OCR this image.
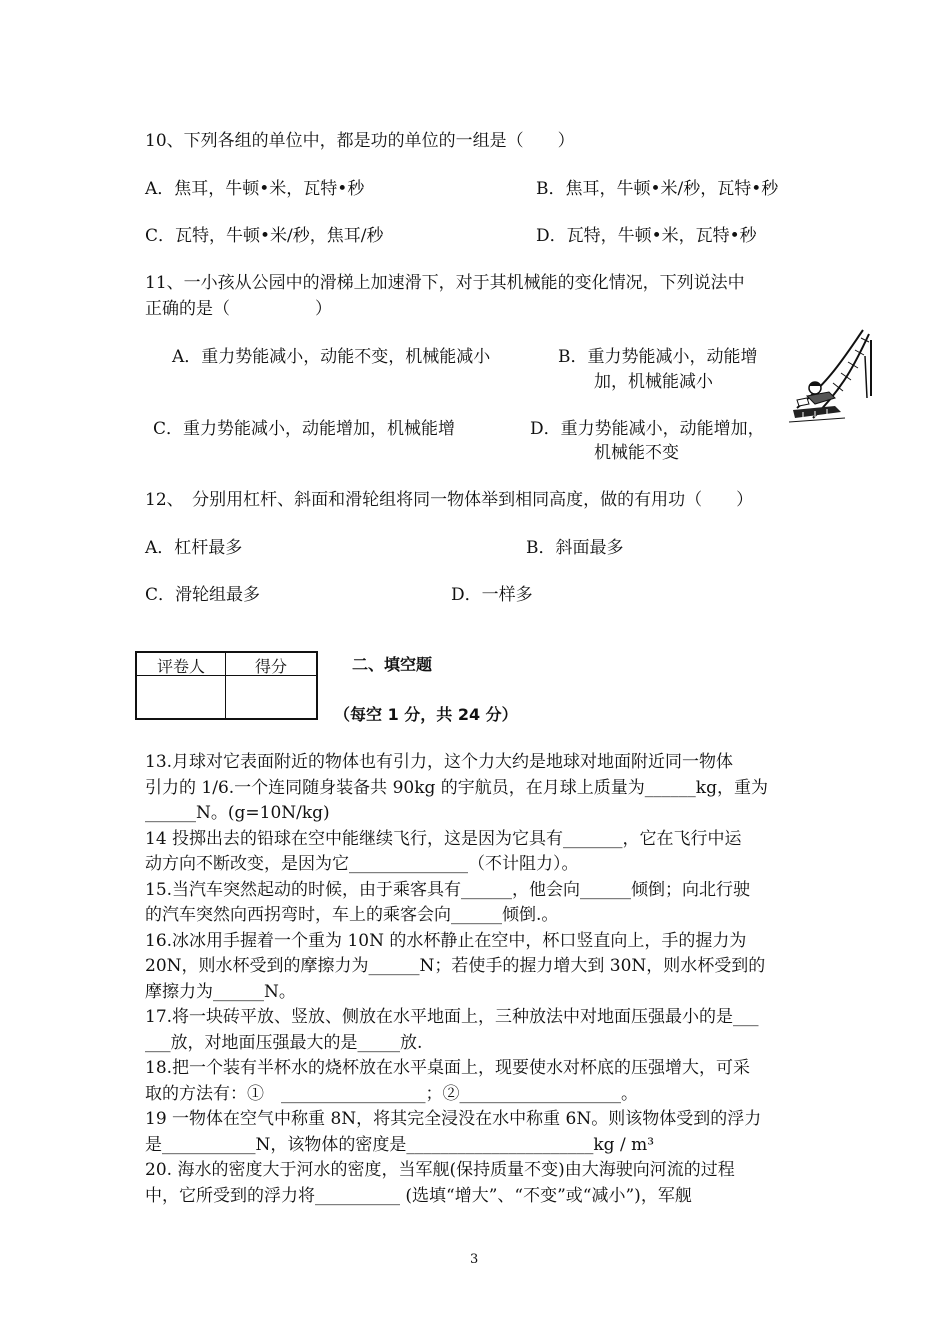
10、下列各组的单位中，都是功的单位的一组是（　　）
A．焦耳，牛顿•米，瓦特•秒	B．焦耳，牛顿•米/秒，瓦特•秒
C．瓦特，牛顿•米/秒，焦耳/秒	D．瓦特，牛顿•米，瓦特•秒
11、一小孩从公园中的滑梯上加速滑下，对于其机械能的变化情况，下列说法中
正确的是（　　　　　）
A．重力势能减小，动能不变，机械能减小	B．重力势能减小，动能增
加，机械能减小
C．重力势能减小，动能增加，机械能增	D．重力势能减小，动能增加，
机械能不变
12、　分别用杠杆、斜面和滑轮组将同一物体举到相同高度，做的有用功（　　）
A．杠杆最多	B．斜面最多
C．滑轮组最多	D．一样多
评卷人	得分	二、填空题
（每空 1 分，共 24 分）
13.月球对它表面附近的物体也有引力，这个力大约是地球对地面附近同一物体
引力的 1/6.一个连同随身装备共 90kg 的宇航员，在月球上质量为______kg，重为
______N。(g=10N/kg)
14 投掷出去的铅球在空中能继续飞行，这是因为它具有_______，它在飞行中运
动方向不断改变，是因为它______________（不计阻力）。
15.当汽车突然起动的时候，由于乘客具有______，他会向______倾倒；向北行驶
的汽车突然向西拐弯时，车上的乘客会向______倾倒.。
16.冰冰用手握着一个重为 10N 的水杯静止在空中，杯口竖直向上，手的握力为
20N，则水杯受到的摩擦力为______N；若使手的握力增大到 30N，则水杯受到的
摩擦力为______N。
17.将一块砖平放、竖放、侧放在水平地面上，三种放法中对地面压强最小的是___
___放，对地面压强最大的是_____放.
18.把一个装有半杯水的烧杯放在水平桌面上，现要使水对杯底的压强增大，可采
取的方法有：①　_________________；②___________________。
19 一物体在空气中称重 8N，将其完全浸没在水中称重 6N。则该物体受到的浮力
是___________N，该物体的密度是______________________kg / m³
20. 海水的密度大于河水的密度，当军舰(保持质量不变)由大海驶向河流的过程
中，它所受到的浮力将__________ (选填“增大”、“不变”或“减小”)，军舰
3
